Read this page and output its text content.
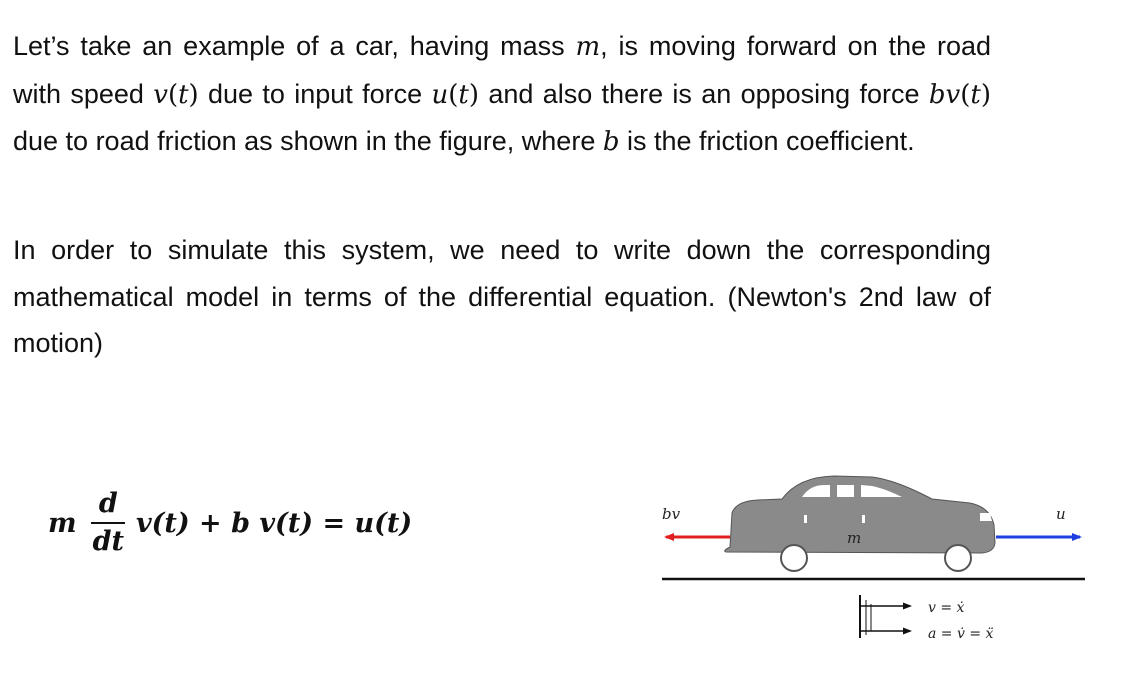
Let’s take an example of a car, having mass m, is moving forward on the road with speed v(t) due to input force u(t) and also there is an opposing force bv(t) due to road friction as shown in the figure, where b is the friction coefficient.

In order to simulate this system, we need to write down the corresponding mathematical model in terms of the differential equation. (Newton's 2nd law of motion)

m $\frac{d}{dt} v(t) + b$ v(t) = u(t)	m
bv	u
v = ẋ
a = v̇ = ẍ
